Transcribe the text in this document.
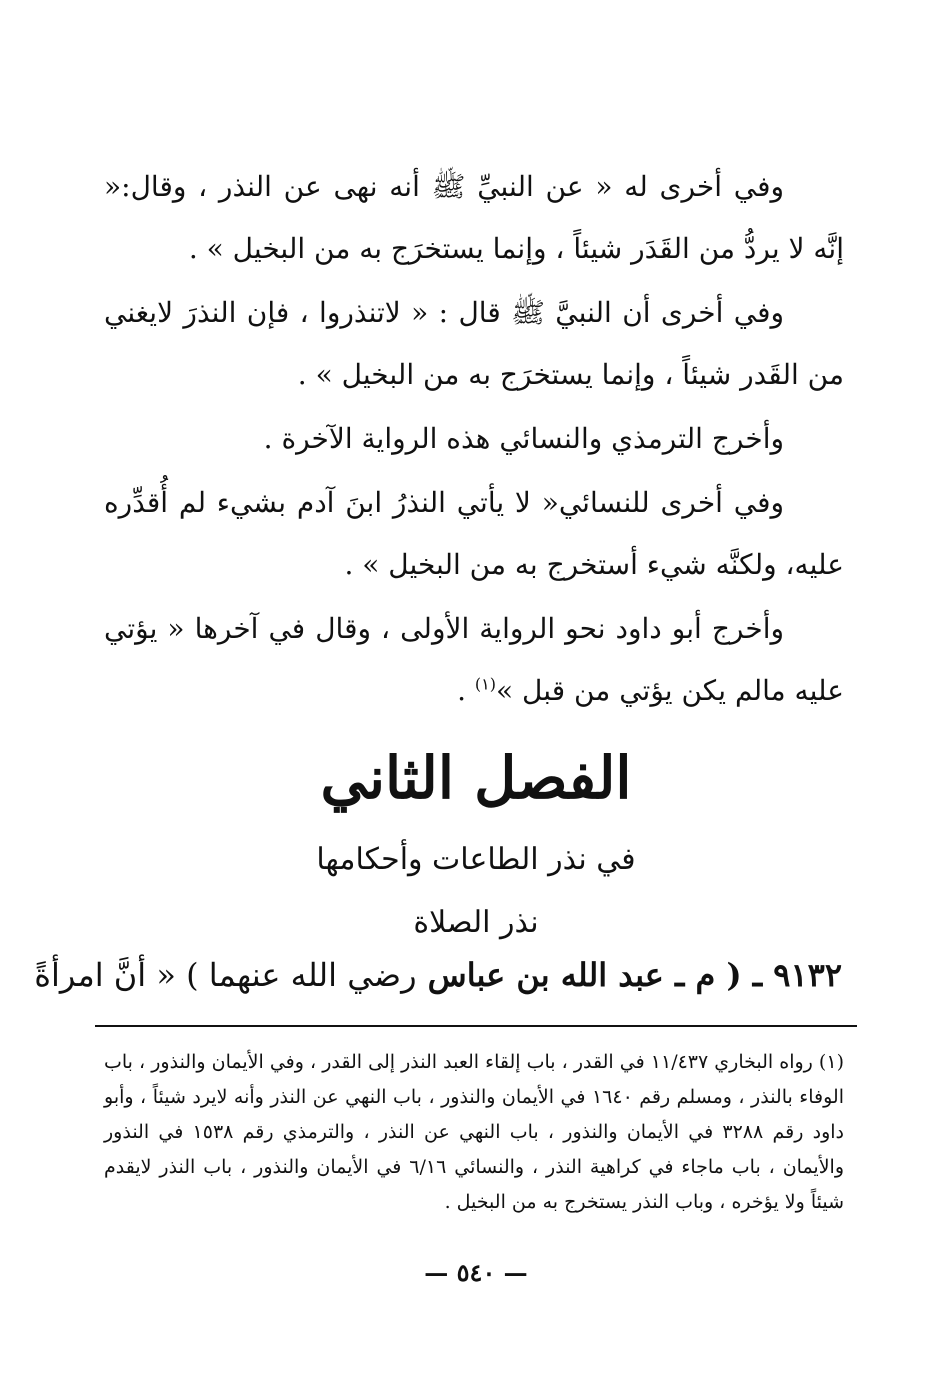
وفي أخرى له « عن النبيِّ ﷺ أنه نهى عن النذر ، وقال:« إنَّه لا يردُّ من القَدَر شيئاً ، وإنما يستخرَج به من البخيل » .

وفي أخرى أن النبيَّ ﷺ قال : « لاتنذروا ، فإن النذرَ لايغني من القَدر شيئاً ، وإنما يستخرَج به من البخيل » .

وأخرج الترمذي والنسائي هذه الرواية الآخرة .

وفي أخرى للنسائي« لا يأتي النذرُ ابنَ آدم بشيء لم أُقدِّره عليه، ولكنَّه شيء أستخرج به من البخيل » .

وأخرج أبو داود نحو الرواية الأولى ، وقال في آخرها « يؤتي عليه مالم يكن يؤتي من قبل »$^{(١)}$ .

الفصل الثاني
في نذر الطاعات وأحكامها
نذر الصلاة
٩١٣٢ ـ ( م ـ عبد الله بن عباس رضي الله عنهما ) « أنَّ امرأةً

(١) رواه البخاري ١١/٤٣٧ في القدر ، باب إلقاء العبد النذر إلى القدر ، وفي الأيمان والنذور ، باب الوفاء بالنذر ، ومسلم رقم ١٦٤٠ في الأيمان والنذور ، باب النهي عن النذر وأنه لايرد شيئاً ، وأبو داود رقم ٣٢٨٨ في الأيمان والنذور ، باب النهي عن النذر ، والترمذي رقم ١٥٣٨ في النذور والأيمان ، باب ماجاء في كراهية النذر ، والنسائي ٦/١٦ في الأيمان والنذور ، باب النذر لايقدم شيئاً ولا يؤخره ، وباب النذر يستخرج به من البخيل .

— ٥٤٠ —
